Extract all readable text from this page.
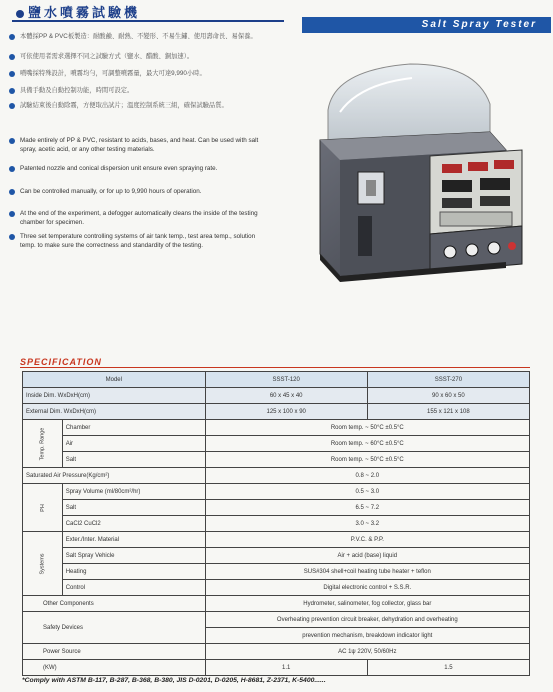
鹽水噴霧試驗機
Salt Spray Tester
本體採PP & PVC板製造：耐酸鹼、耐熱、不變形、不易生鏽、使用壽命長、易保養。
可依使用者需求選擇不同之試驗方式（鹽水、醋酸、銅加速）。
噴嘴採特殊設計，噴霧均勻，可調整噴霧量，最大可達9,990小時。
具備手動及自動控制功能，時間可設定。
試驗結束後自動除霧，方便取出試片；溫度控制系統三組，確保試驗品質。
Made entirely of PP & PVC, resistant to acids, bases, and heat. Can be used with salt spray, acetic acid, or any other testing materials.
Patented nozzle and conical dispersion unit ensure even spraying rate.
Can be controlled manually, or for up to 9,990 hours of operation.
At the end of the experiment, a defogger automatically cleans the inside of the testing chamber for specimen.
Three set temperature controlling systems of air tank temp., test area temp., solution temp. to make sure the correctness and standardity of the testing.
SPECIFICATION
Model		SSST-120	SSST-270
Inside Dim. WxDxH(cm)		60 x 45 x 40	90 x 60 x 50
External Dim. WxDxH(cm)		125 x 100 x 90	155 x 121 x 108
Temp. Range	Chamber	Room temp. ~ 50°C ±0.5°C	
	Air	Room temp. ~ 60°C ±0.5°C	
	Salt	Room temp. ~ 50°C ±0.5°C	
Saturated Air Pressure(Kg/cm²)		0.8 ~ 2.0	
PH	Spray Volume (ml/80cm²/hr)	0.5 ~ 3.0	
	Salt	6.5 ~ 7.2	
	CaCl2 CuCl2	3.0 ~ 3.2	
Systems	Exter./Inter. Material	P.V.C. & P.P.	
	Salt Spray Vehicle	Air + acid (base) liquid	
	Heating	SUS#304 shell+coil heating tube heater + teflon	
	Control	Digital electronic control + S.S.R.	
Other Components		Hydrometer, salinometer, fog collector, glass bar	
Safety Devices		Overheating prevention circuit breaker, dehydration and overheating	
		prevention mechanism, breakdown indicator light	
Power Source		AC 1ψ 220V, 50/60Hz	
(KW)		1.1	1.5
*Comply with ASTM B-117, B-287, B-368, B-380, JIS D-0201, D-0205, H-8681, Z-2371, K-5400......
